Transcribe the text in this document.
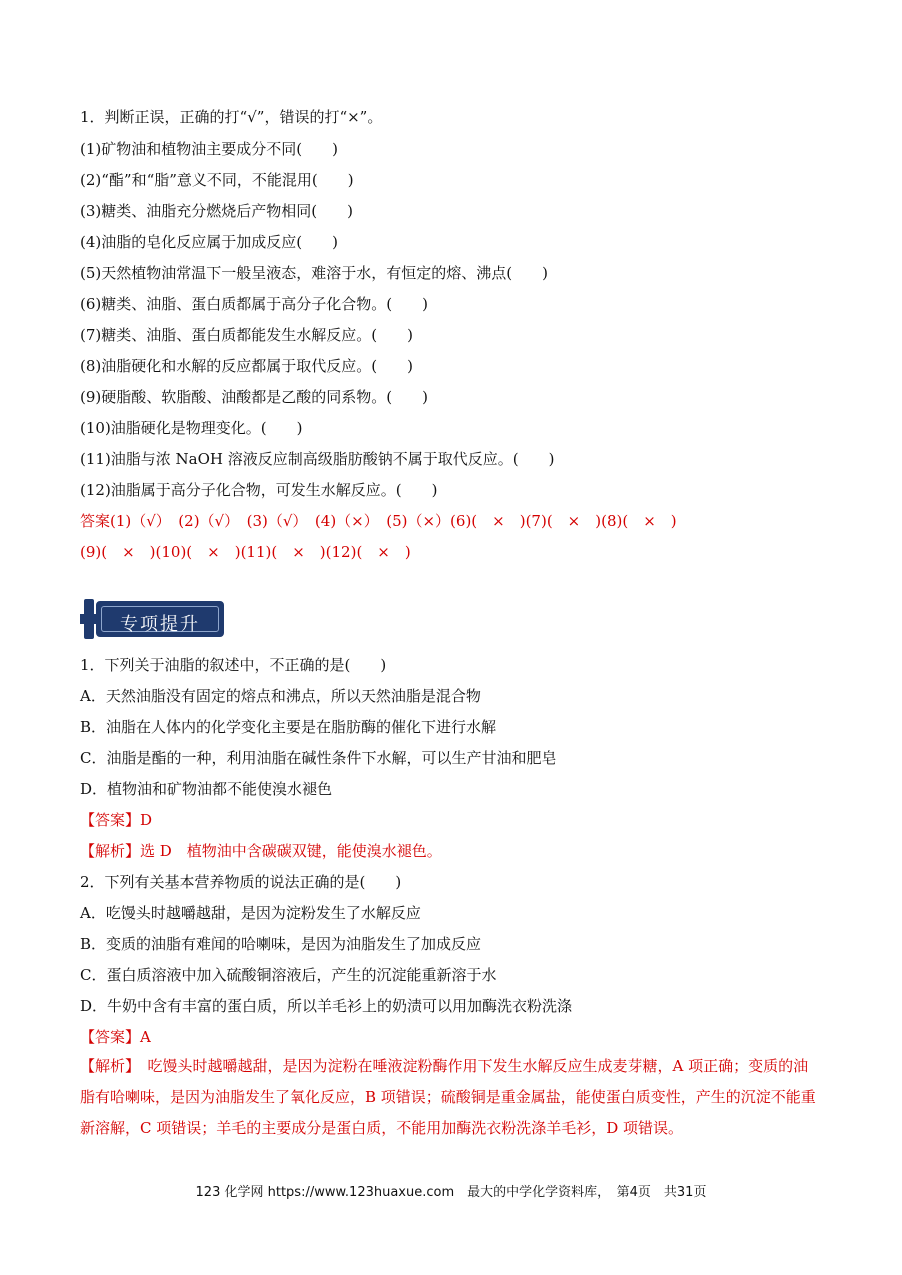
1．判断正误，正确的打“√”，错误的打“×”。
(1)矿物油和植物油主要成分不同(　　)
(2)“酯”和“脂”意义不同，不能混用(　　)
(3)糖类、油脂充分燃烧后产物相同(　　)
(4)油脂的皂化反应属于加成反应(　　)
(5)天然植物油常温下一般呈液态，难溶于水，有恒定的熔、沸点(　　)
(6)糖类、油脂、蛋白质都属于高分子化合物。(　　)
(7)糖类、油脂、蛋白质都能发生水解反应。(　　)
(8)油脂硬化和水解的反应都属于取代反应。(　　)
(9)硬脂酸、软脂酸、油酸都是乙酸的同系物。(　　)
(10)油脂硬化是物理变化。(　　)
(11)油脂与浓 NaOH 溶液反应制高级脂肪酸钠不属于取代反应。(　　)
(12)油脂属于高分子化合物，可发生水解反应。(　　)
答案(1)（√）　(2)（√）　(3)（√）　(4)（×）　(5)（×）(6)(　×　)(7)(　×　)(8)(　×　)
(9)(　×　)(10)(　×　)(11)(　×　)(12)(　×　)
专项提升
1．下列关于油脂的叙述中，不正确的是(　　)
A．天然油脂没有固定的熔点和沸点，所以天然油脂是混合物
B．油脂在人体内的化学变化主要是在脂肪酶的催化下进行水解
C．油脂是酯的一种，利用油脂在碱性条件下水解，可以生产甘油和肥皂
D．植物油和矿物油都不能使溴水褪色
【答案】D
【解析】选 D　植物油中含碳碳双键，能使溴水褪色。
2．下列有关基本营养物质的说法正确的是(　　)
A．吃馒头时越嚼越甜，是因为淀粉发生了水解反应
B．变质的油脂有难闻的哈喇味，是因为油脂发生了加成反应
C．蛋白质溶液中加入硫酸铜溶液后，产生的沉淀能重新溶于水
D．牛奶中含有丰富的蛋白质，所以羊毛衫上的奶渍可以用加酶洗衣粉洗涤
【答案】A
【解析】　吃馒头时越嚼越甜，是因为淀粉在唾液淀粉酶作用下发生水解反应生成麦芽糖，A 项正确；变质的油脂有哈喇味，是因为油脂发生了氧化反应，B 项错误；硫酸铜是重金属盐，能使蛋白质变性，产生的沉淀不能重新溶解，C 项错误；羊毛的主要成分是蛋白质，不能用加酶洗衣粉洗涤羊毛衫，D 项错误。
123 化学网 https://www.123huaxue.com　最大的中学化学资料库，　第4页　共31页
